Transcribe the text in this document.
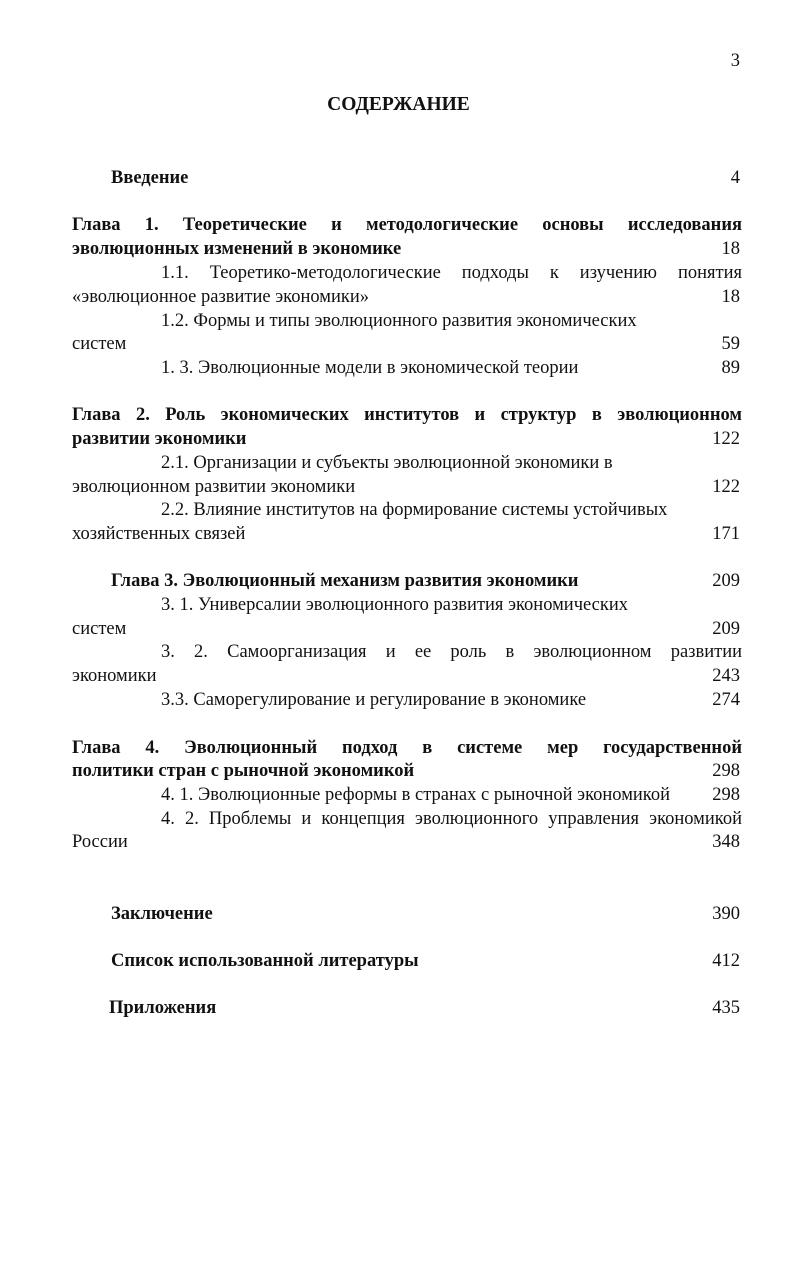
3
СОДЕРЖАНИЕ
Введение	4
Глава 1. Теоретические и методологические основы исследования
эволюционных изменений в экономике	18
1.1. Теоретико-методологические подходы к изучению понятия
«эволюционное развитие экономики»	18
1.2. Формы и типы эволюционного развития экономических
систем	59
1. 3. Эволюционные модели в экономической теории	89
Глава 2. Роль экономических институтов и структур в эволюционном
развитии экономики	122
2.1. Организации и субъекты эволюционной экономики в
эволюционном развитии экономики	122
2.2. Влияние институтов на формирование системы устойчивых
хозяйственных связей	171
Глава 3. Эволюционный механизм развития экономики	209
3. 1. Универсалии эволюционного развития экономических
систем	209
3. 2. Самоорганизация и ее роль в эволюционном развитии
экономики	243
3.3. Саморегулирование и регулирование в экономике	274
Глава 4. Эволюционный подход в системе мер государственной
политики стран с рыночной экономикой	298
4. 1. Эволюционные реформы в странах с рыночной экономикой 298
4. 2. Проблемы и концепция эволюционного управления экономикой
России	348
Заключение	390
Список использованной литературы	412
Приложения	435
